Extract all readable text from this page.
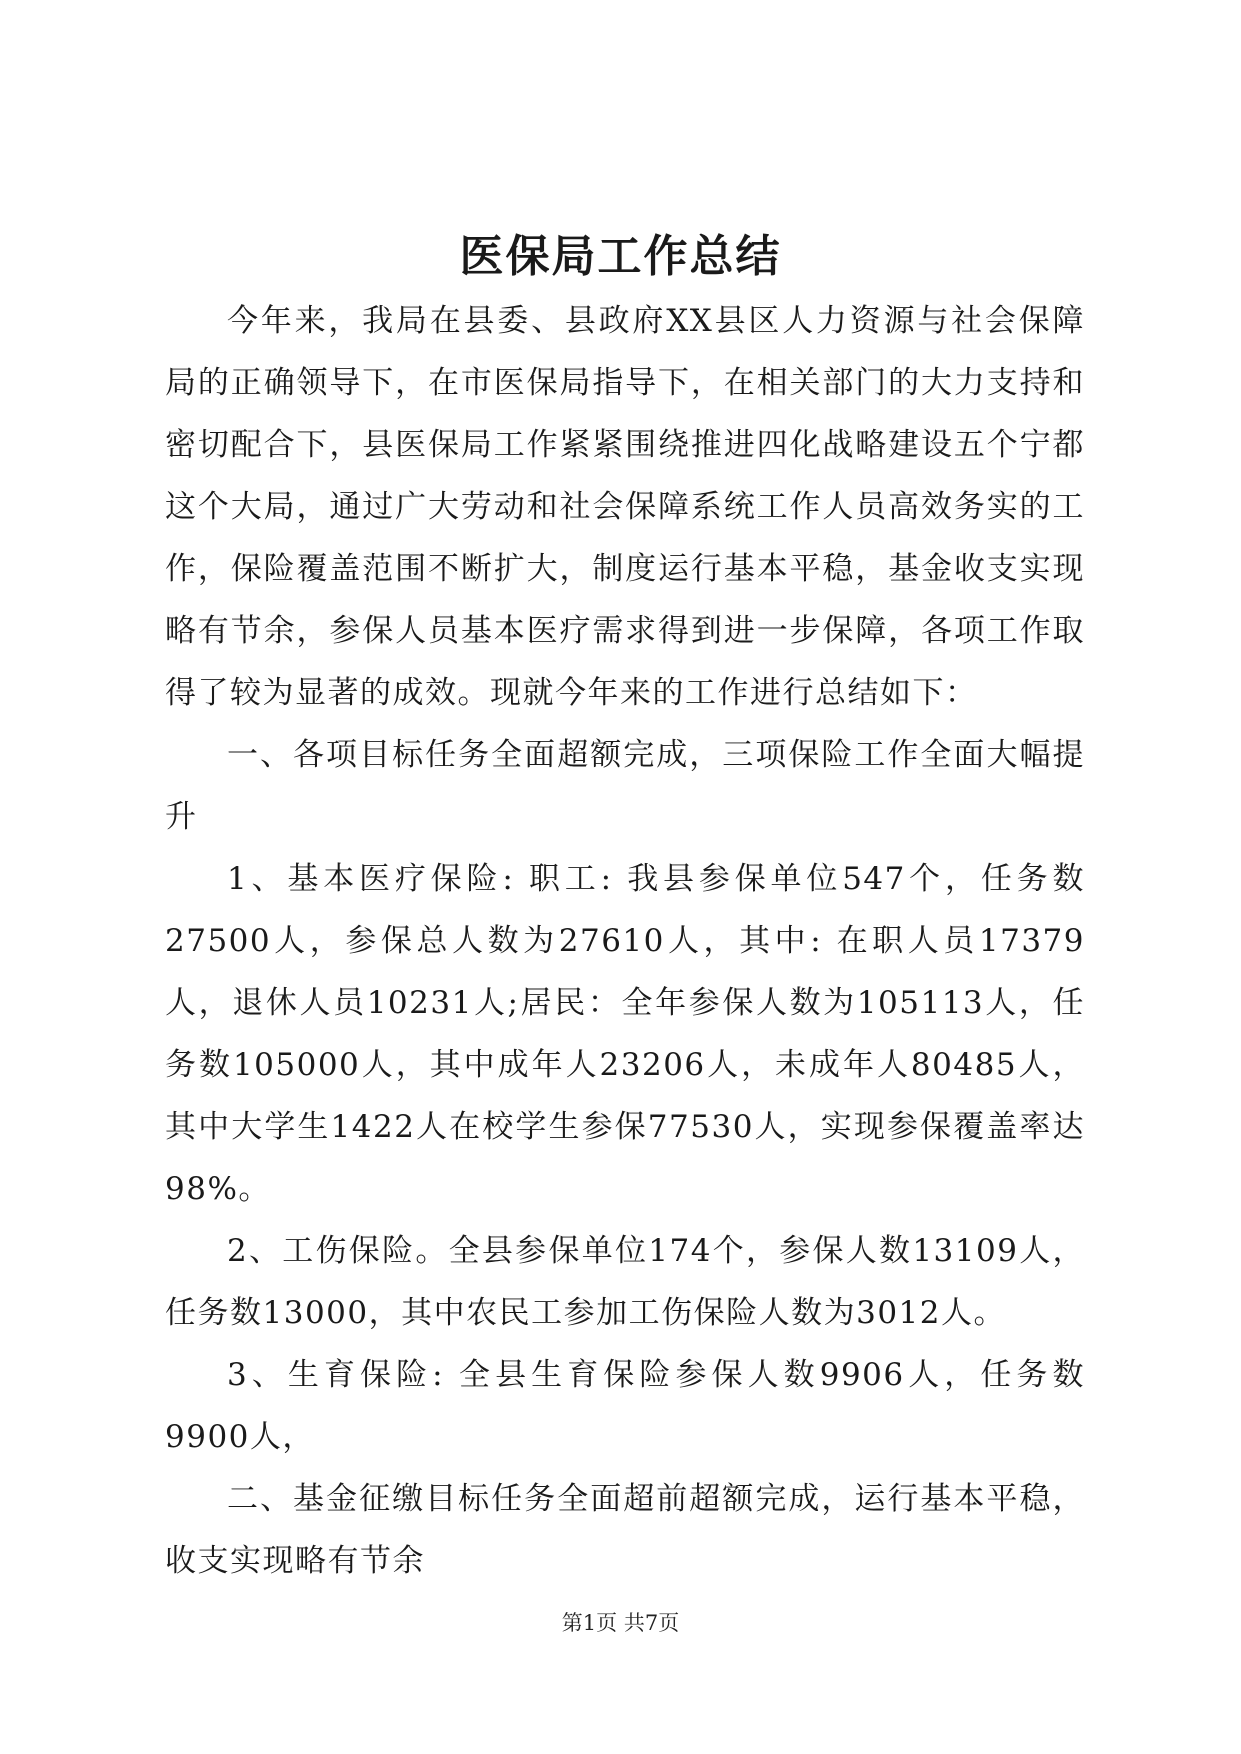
医保局工作总结

今年来，我局在县委、县政府XX县区人力资源与社会保障局的正确领导下，在市医保局指导下，在相关部门的大力支持和密切配合下，县医保局工作紧紧围绕推进四化战略建设五个宁都这个大局，通过广大劳动和社会保障系统工作人员高效务实的工作，保险覆盖范围不断扩大，制度运行基本平稳，基金收支实现略有节余，参保人员基本医疗需求得到进一步保障，各项工作取得了较为显著的成效。现就今年来的工作进行总结如下：

一、各项目标任务全面超额完成，三项保险工作全面大幅提升

1、基本医疗保险: 职工: 我县参保单位547个，任务数27500人，参保总人数为27610人，其中: 在职人员17379人，退休人员10231人;居民：全年参保人数为105113人，任务数105000人，其中成年人23206人，未成年人80485人，其中大学生1422人在校学生参保77530人，实现参保覆盖率达98%。

2、工伤保险。全县参保单位174个，参保人数13109人，任务数13000，其中农民工参加工伤保险人数为3012人。

3、生育保险: 全县生育保险参保人数9906人，任务数9900人，

二、基金征缴目标任务全面超前超额完成，运行基本平稳，收支实现略有节余

第1页 共7页
